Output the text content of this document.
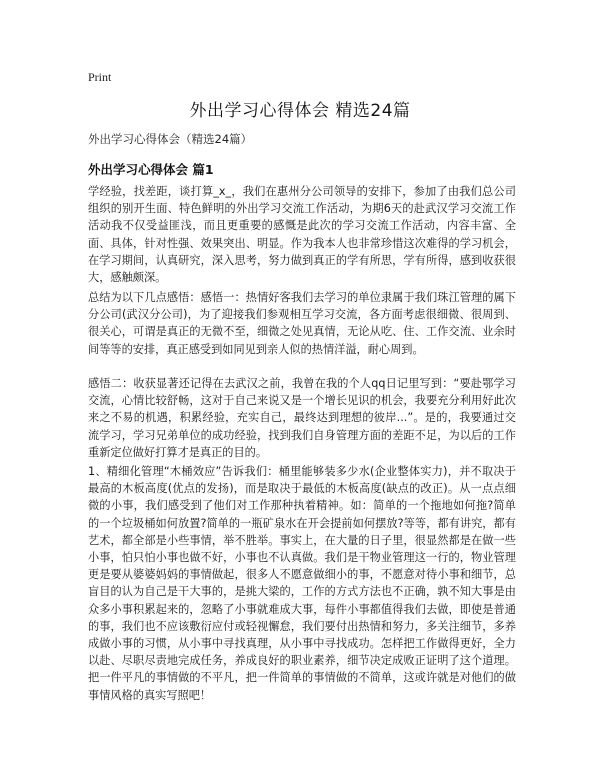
Print
外出学习心得体会 精选24篇
外出学习心得体会（精选24篇）
外出学习心得体会 篇1

学经验，找差距，谈打算_x_，我们在惠州分公司领导的安排下，参加了由我们总公司组织的别开生面、特色鲜明的外出学习交流工作活动，为期6天的赴武汉学习交流工作活动我不仅受益匪浅，而且更重要的感慨是此次的学习交流工作活动，内容丰富、全面、具体，针对性强、效果突出、明显。作为我本人也非常珍惜这次难得的学习机会，在学习期间，认真研究，深入思考，努力做到真正的学有所思，学有所得，感到收获很大，感触颇深。

总结为以下几点感悟：感悟一：热情好客我们去学习的单位隶属于我们珠江管理的属下分公司(武汉分公司)，为了迎接我们参观相互学习交流，各方面考虑很细微、很周到、很关心，可谓是真正的无微不至，细微之处见真情，无论从吃、住、工作交流、业余时间等等的安排，真正感受到如同见到亲人似的热情洋溢，耐心周到。

感悟二：收获显著还记得在去武汉之前，我曾在我的个人qq日记里写到：“要赴鄂学习交流，心情比较舒畅，这对于自己来说又是一个增长见识的机会，我要充分利用好此次来之不易的机遇，积累经验，充实自己，最终达到理想的彼岸...”。是的，我要通过交流学习，学习兄弟单位的成功经验，找到我们自身管理方面的差距不足，为以后的工作重新定位做好打算才是真正的目的。

1、精细化管理“木桶效应”告诉我们：桶里能够装多少水(企业整体实力)，并不取决于最高的木板高度(优点的发扬)，而是取决于最低的木板高度(缺点的改正)。从一点点细微的小事，我们感受到了他们对工作那种执着精神。如：简单的一个拖地如何拖?简单的一个垃圾桶如何放置?简单的一瓶矿泉水在开会提前如何摆放?等等，都有讲究，都有艺术，都全部是小些事情，举不胜举。事实上，在大量的日子里，很显然都是在做一些小事，怕只怕小事也做不好，小事也不认真做。我们是干物业管理这一行的，物业管理更是要从婆婆妈妈的事情做起，很多人不愿意做细小的事，不愿意对待小事和细节，总盲目的认为自己是干大事的，是挑大梁的，工作的方式方法也不正确，孰不知大事是由众多小事积累起来的，忽略了小事就难成大事，每件小事都值得我们去做，即使是普通的事，我们也不应该敷衍应付或轻视懈怠，我们要付出热情和努力，多关注细节，多养成做小事的习惯，从小事中寻找真理，从小事中寻找成功。怎样把工作做得更好，全力以赴、尽职尽责地完成任务，养成良好的职业素养，细节决定成败正证明了这个道理。把一件平凡的事情做的不平凡，把一件简单的事情做的不简单，这或许就是对他们的做事情风格的真实写照吧！
